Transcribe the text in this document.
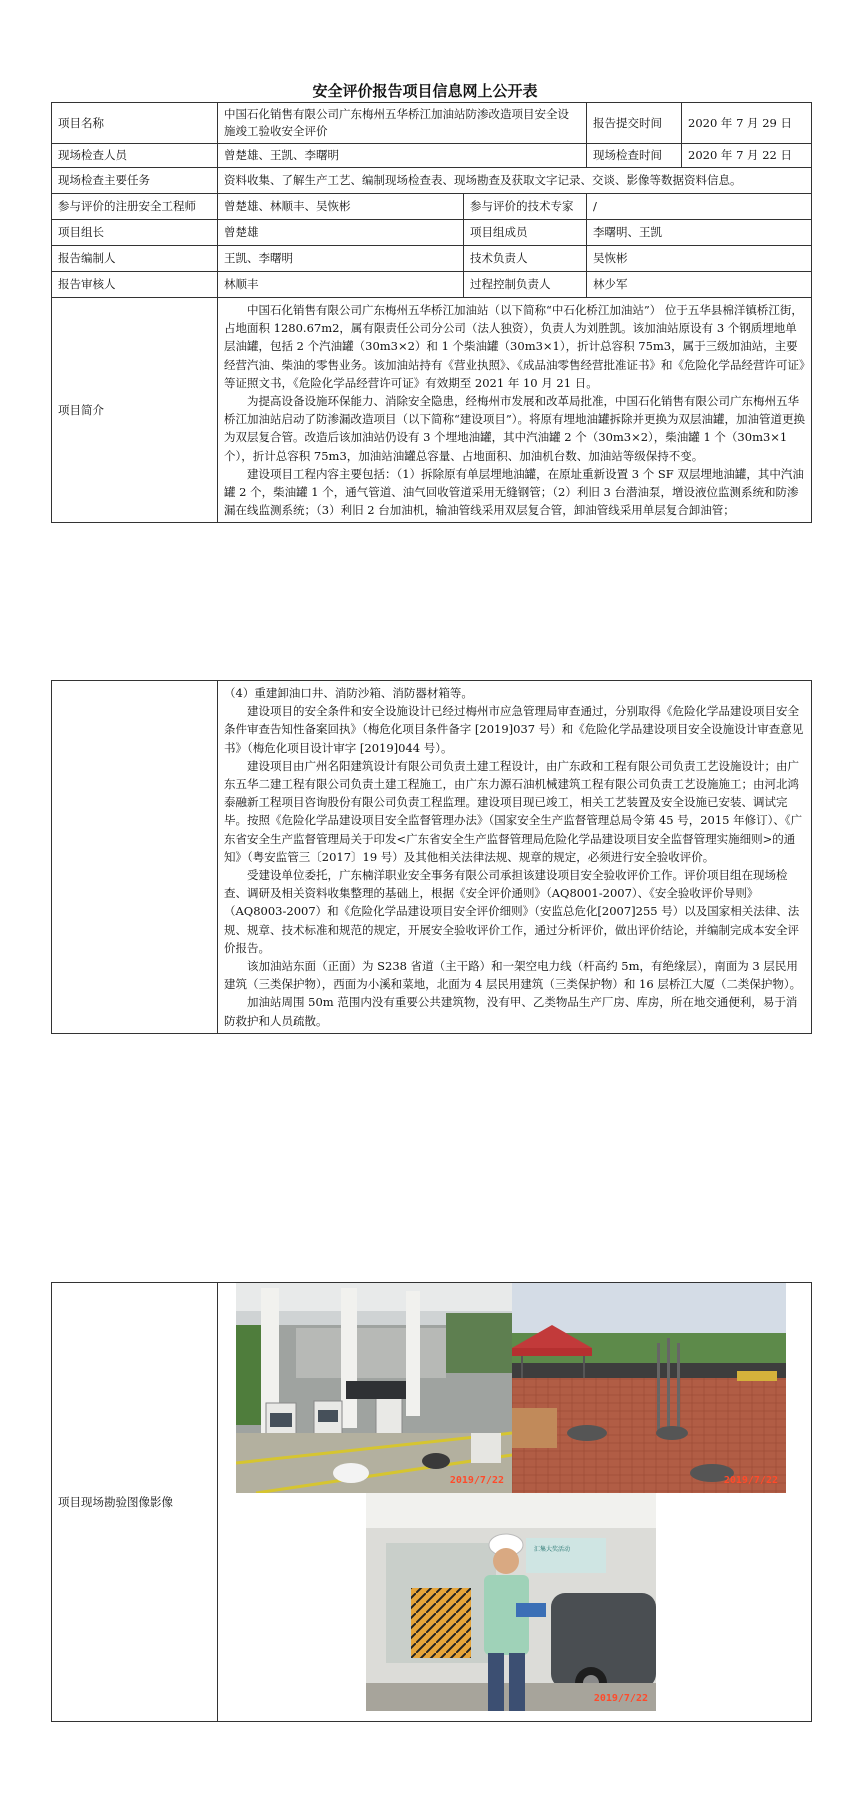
安全评价报告项目信息网上公开表
项目名称	中国石化销售有限公司广东梅州五华桥江加油站防渗改造项目安全设施竣工验收安全评价		报告提交时间	2020 年 7 月 29 日
现场检查人员	曾楚雄、王凯、李曙明		现场检查时间	2020 年 7 月 22 日
现场检查主要任务	资料收集、了解生产工艺、编制现场检查表、现场勘查及获取文字记录、交谈、影像等数据资料信息。			
参与评价的注册安全工程师	曾楚雄、林顺丰、吴恢彬	参与评价的技术专家	/	
项目组长	曾楚雄	项目组成员	李曙明、王凯	
报告编制人	王凯、李曙明	技术负责人	吴恢彬	
报告审核人	林顺丰	过程控制负责人	林少军	
项目简介	中国石化销售有限公司广东梅州五华桥江加油站（以下简称“中石化桥江加油站”） 位于五华县棉洋镇桥江街，占地面积 1280.67m2，属有限责任公司分公司（法人独资），负责人为刘胜凯。该加油站原设有 3 个钢质埋地单层油罐，包括 2 个汽油罐（30m3×2）和 1 个柴油罐（30m3×1），折计总容积 75m3，属于三级加油站，主要经营汽油、柴油的零售业务。该加油站持有《营业执照》、《成品油零售经营批准证书》和《危险化学品经营许可证》等证照文书，《危险化学品经营许可证》有效期至 2021 年 10 月 21 日。

为提高设备设施环保能力、消除安全隐患，经梅州市发展和改革局批准，中国石化销售有限公司广东梅州五华桥江加油站启动了防渗漏改造项目（以下简称“建设项目”）。将原有埋地油罐拆除并更换为双层油罐，加油管道更换为双层复合管。改造后该加油站仍设有 3 个埋地油罐，其中汽油罐 2 个（30m3×2），柴油罐 1 个（30m3×1 个），折计总容积 75m3，加油站油罐总容量、占地面积、加油机台数、加油站等级保持不变。

建设项目工程内容主要包括：（1）拆除原有单层埋地油罐，在原址重新设置 3 个 SF 双层埋地油罐，其中汽油罐 2 个，柴油罐 1 个，通气管道、油气回收管道采用无缝钢管；（2）利旧 3 台潜油泵，增设液位监测系统和防渗漏在线监测系统；（3）利旧 2 台加油机，输油管线采用双层复合管，卸油管线采用单层复合卸油管；			

（4）重建卸油口井、消防沙箱、消防器材箱等。

建设项目的安全条件和安全设施设计已经过梅州市应急管理局审查通过，分别取得《危险化学品建设项目安全条件审查告知性备案回执》（梅危化项目条件备字 [2019]037 号）和《危险化学品建设项目安全设施设计审查意见书》（梅危化项目设计审字 [2019]044 号）。

建设项目由广州名阳建筑设计有限公司负责土建工程设计，由广东政和工程有限公司负责工艺设施设计；由广东五华二建工程有限公司负责土建工程施工，由广东力源石油机械建筑工程有限公司负责工艺设施施工；由河北鸿泰融新工程项目咨询股份有限公司负责工程监理。建设项目现已竣工，相关工艺装置及安全设施已安装、调试完毕。按照《危险化学品建设项目安全监督管理办法》（国家安全生产监督管理总局令第 45 号，2015 年修订）、《广东省安全生产监督管理局关于印发<广东省安全生产监督管理局危险化学品建设项目安全监督管理实施细则>的通知》（粤安监管三〔2017〕19 号）及其他相关法律法规、规章的规定，必须进行安全验收评价。

受建设单位委托，广东楠洋职业安全事务有限公司承担该建设项目安全验收评价工作。评价项目组在现场检查、调研及相关资料收集整理的基础上，根据《安全评价通则》（AQ8001-2007）、《安全验收评价导则》（AQ8003-2007）和《危险化学品建设项目安全评价细则》（安监总危化[2007]255 号）以及国家相关法律、法规、规章、技术标准和规范的规定，开展安全验收评价工作，通过分析评价，做出评价结论，并编制完成本安全评价报告。

该加油站东面（正面）为 S238 省道（主干路）和一架空电力线（杆高约 5m，有绝缘层），南面为 3 层民用建筑（三类保护物），西面为小溪和菜地，北面为 4 层民用建筑（三类保护物）和 16 层桥江大厦（二类保护物）。

加油站周围 50m 范围内没有重要公共建筑物，没有甲、乙类物品生产厂房、库房，所在地交通便利，易于消防救护和人员疏散。

项目现场勘验图像影像	
2019/7/22	2019/7/22
汇集大奖活动
2019/7/22
